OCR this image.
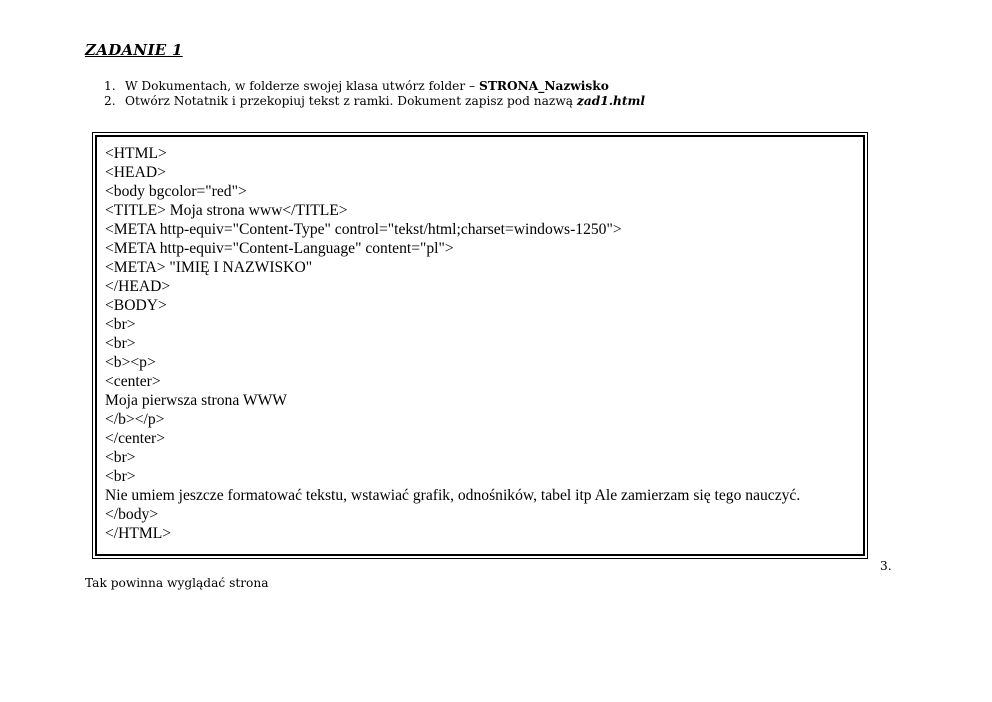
ZADANIE 1
1. W Dokumentach, w folderze swojej klasa utwórz folder – STRONA_Nazwisko
2. Otwórz Notatnik i przekopiuj tekst z ramki. Dokument zapisz pod nazwą zad1.html
<HTML>
<HEAD>
<body bgcolor="red">
<TITLE> Moja strona www</TITLE>
<META http-equiv="Content-Type" control="tekst/html;charset=windows-1250">
<META http-equiv="Content-Language" content="pl">
<META> "IMIĘ I NAZWISKO"
</HEAD>
<BODY>
<br>
<br>
<b><p>
<center>
Moja pierwsza strona WWW
</b></p>
</center>
<br>
<br>
Nie umiem jeszcze formatować tekstu, wstawiać grafik, odnośników, tabel itp Ale zamierzam się tego nauczyć.
</body>
</HTML>
3.
Tak powinna wyglądać strona
